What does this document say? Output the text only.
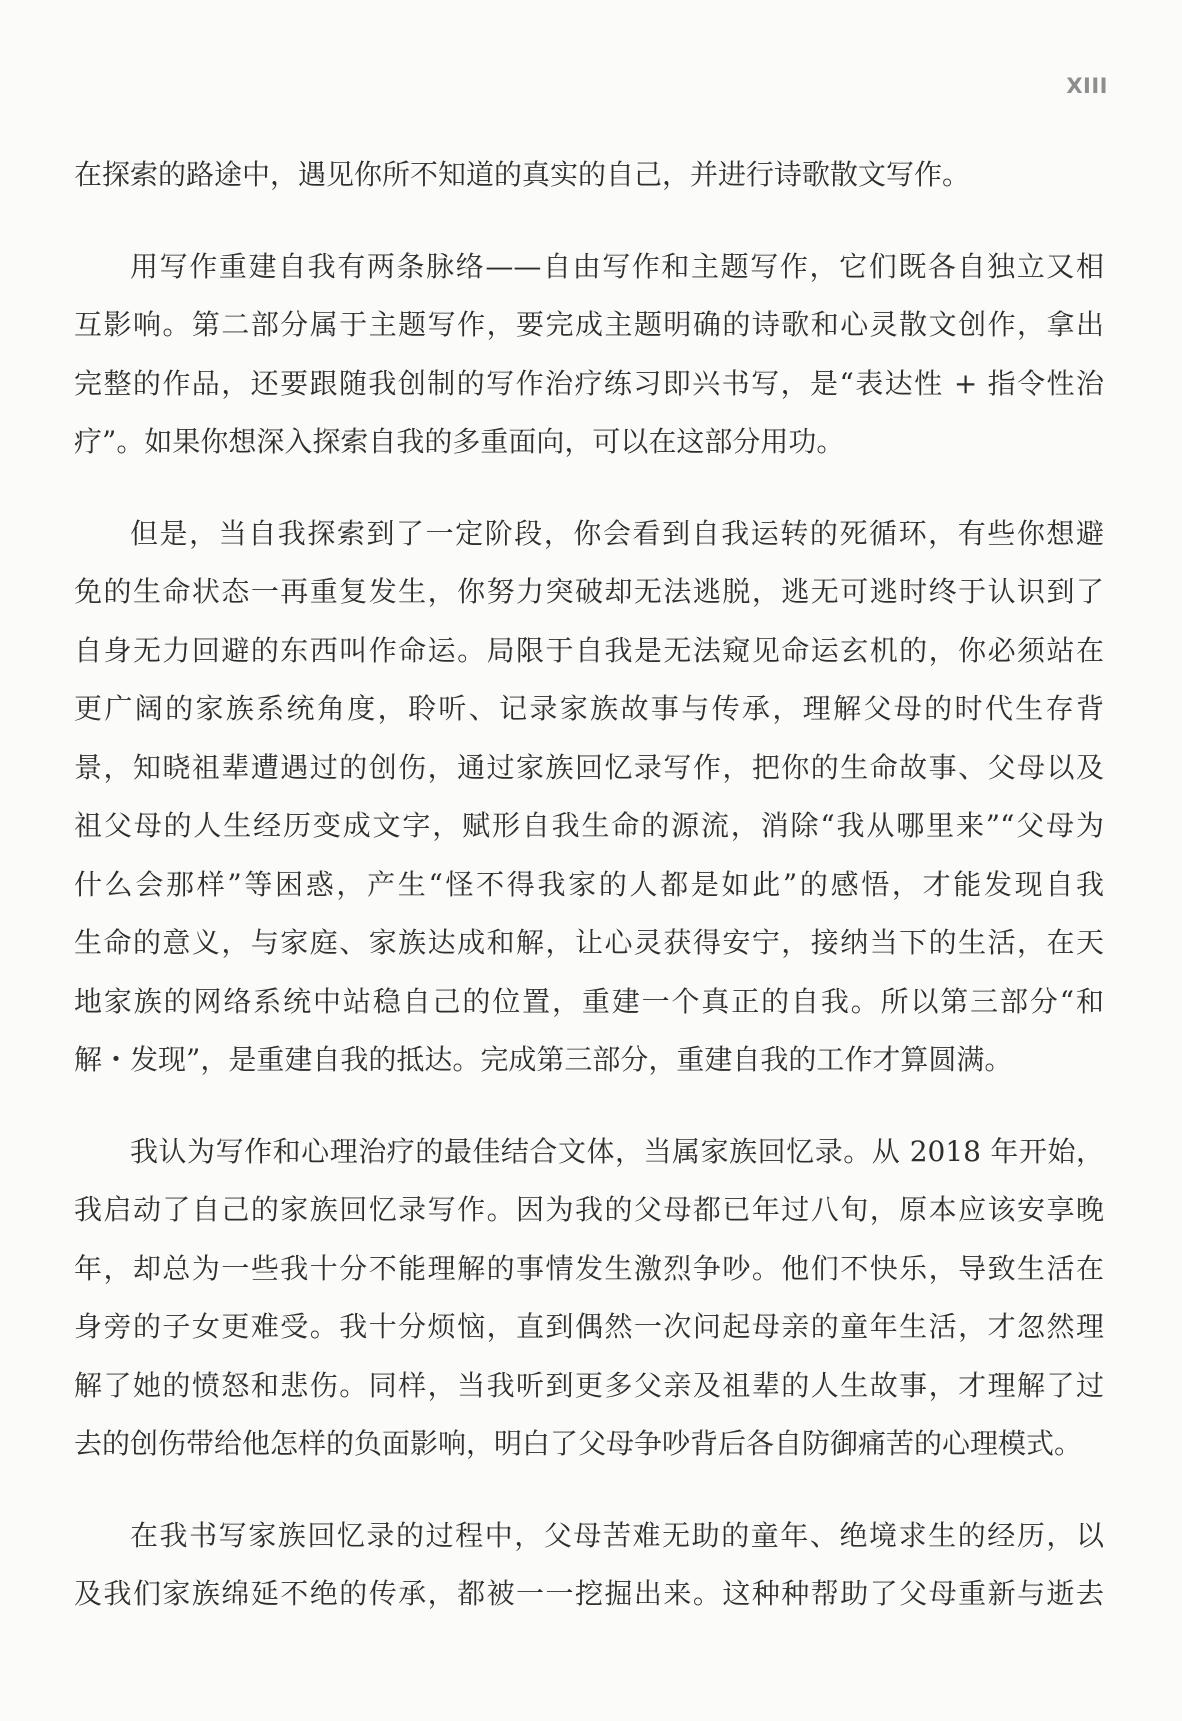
XIII
在探索的路途中，遇见你所不知道的真实的自己，并进行诗歌散文写作。
用写作重建自我有两条脉络——自由写作和主题写作，它们既各自独立又相
互影响。第二部分属于主题写作，要完成主题明确的诗歌和心灵散文创作，拿出
完整的作品，还要跟随我创制的写作治疗练习即兴书写，是“表达性 + 指令性治
疗”。如果你想深入探索自我的多重面向，可以在这部分用功。
但是，当自我探索到了一定阶段，你会看到自我运转的死循环，有些你想避
免的生命状态一再重复发生，你努力突破却无法逃脱，逃无可逃时终于认识到了
自身无力回避的东西叫作命运。局限于自我是无法窥见命运玄机的，你必须站在
更广阔的家族系统角度，聆听、记录家族故事与传承，理解父母的时代生存背
景，知晓祖辈遭遇过的创伤，通过家族回忆录写作，把你的生命故事、父母以及
祖父母的人生经历变成文字，赋形自我生命的源流，消除“我从哪里来”“父母为
什么会那样”等困惑，产生“怪不得我家的人都是如此”的感悟，才能发现自我
生命的意义，与家庭、家族达成和解，让心灵获得安宁，接纳当下的生活，在天
地家族的网络系统中站稳自己的位置，重建一个真正的自我。所以第三部分“和
解・发现”，是重建自我的抵达。完成第三部分，重建自我的工作才算圆满。
我认为写作和心理治疗的最佳结合文体，当属家族回忆录。从 2018 年开始，
我启动了自己的家族回忆录写作。因为我的父母都已年过八旬，原本应该安享晚
年，却总为一些我十分不能理解的事情发生激烈争吵。他们不快乐，导致生活在
身旁的子女更难受。我十分烦恼，直到偶然一次问起母亲的童年生活，才忽然理
解了她的愤怒和悲伤。同样，当我听到更多父亲及祖辈的人生故事，才理解了过
去的创伤带给他怎样的负面影响，明白了父母争吵背后各自防御痛苦的心理模式。
在我书写家族回忆录的过程中，父母苦难无助的童年、绝境求生的经历，以
及我们家族绵延不绝的传承，都被一一挖掘出来。这种种帮助了父母重新与逝去
